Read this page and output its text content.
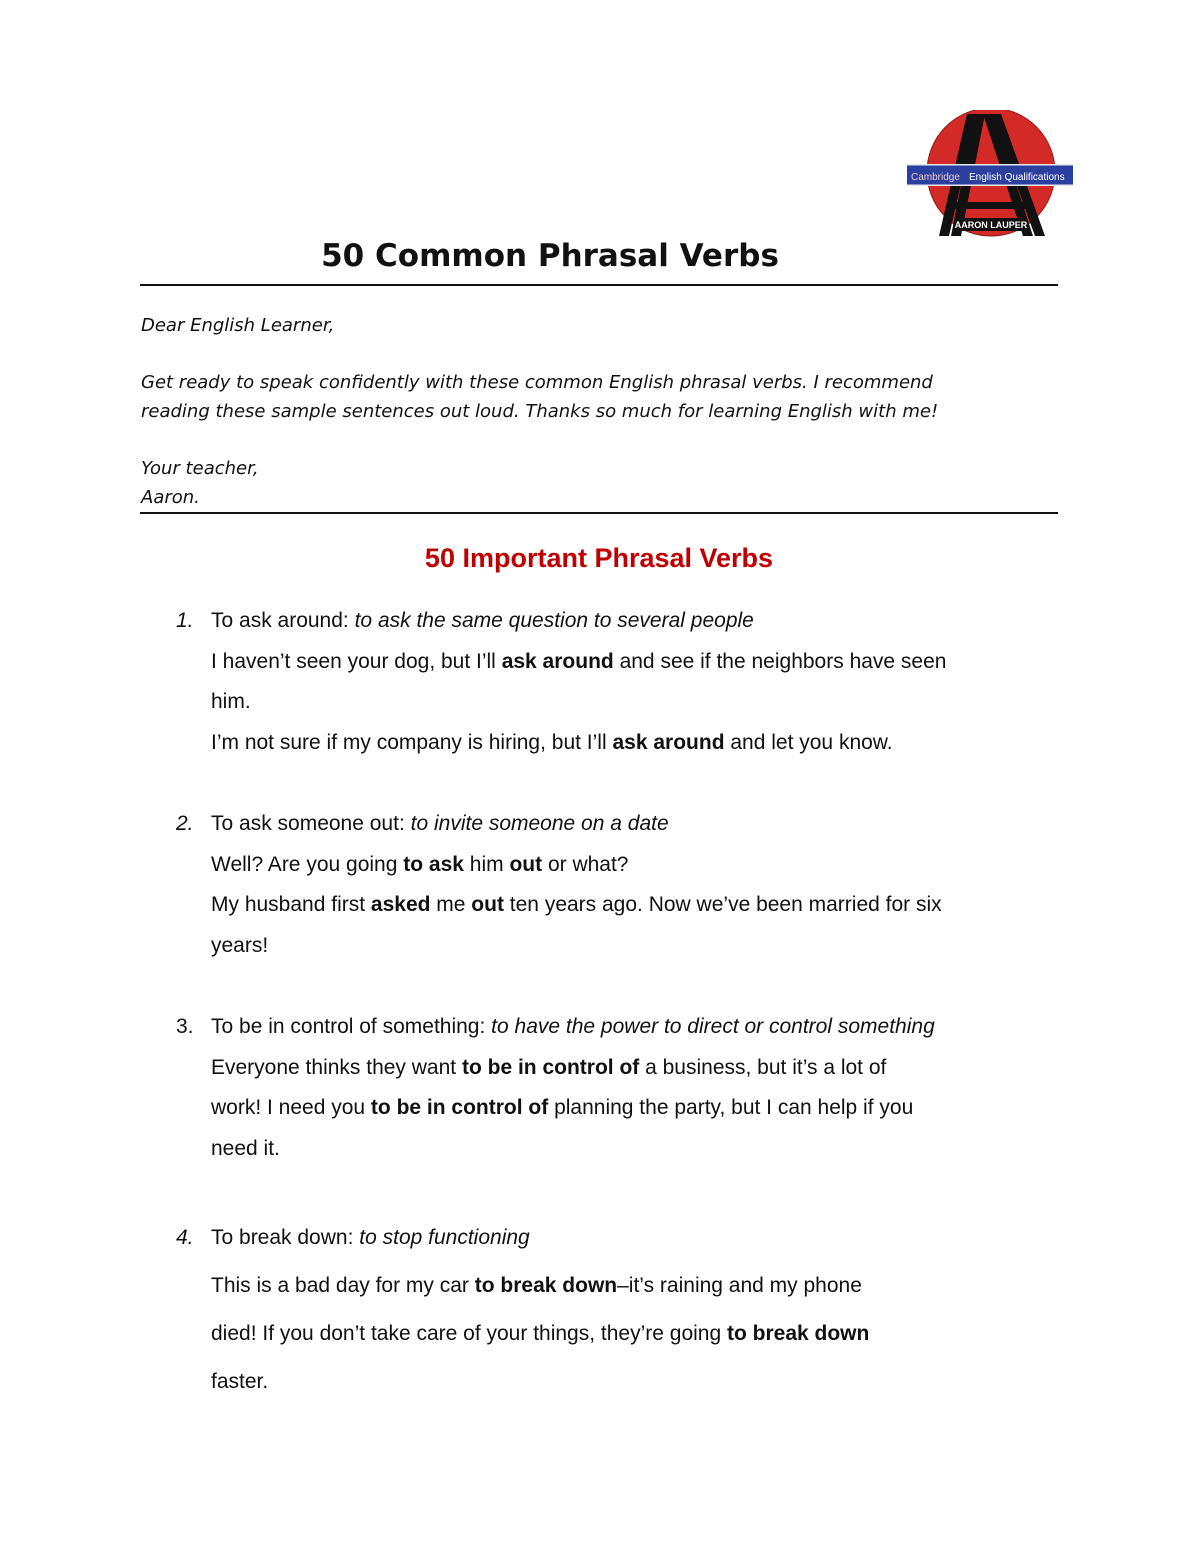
Cambridge English Qualifications
AARON LAUPER
50 Common Phrasal Verbs

Dear English Learner,

Get ready to speak confidently with these common English phrasal verbs. I recommend

reading these sample sentences out loud. Thanks so much for learning English with me!

Your teacher,

Aaron.

50 Important Phrasal Verbs
1. To ask around: to ask the same question to several people

I haven’t seen your dog, but I’ll ask around and see if the neighbors have seen

him.

I’m not sure if my company is hiring, but I’ll ask around and let you know.

2. To ask someone out: to invite someone on a date

Well? Are you going to ask him out or what?

My husband first asked me out ten years ago. Now we’ve been married for six

years!

3. To be in control of something: to have the power to direct or control something

Everyone thinks they want to be in control of a business, but it’s a lot of

work! I need you to be in control of planning the party, but I can help if you

need it.

4. To break down: to stop functioning

This is a bad day for my car to break down–it’s raining and my phone

died! If you don’t take care of your things, they’re going to break down

faster.
